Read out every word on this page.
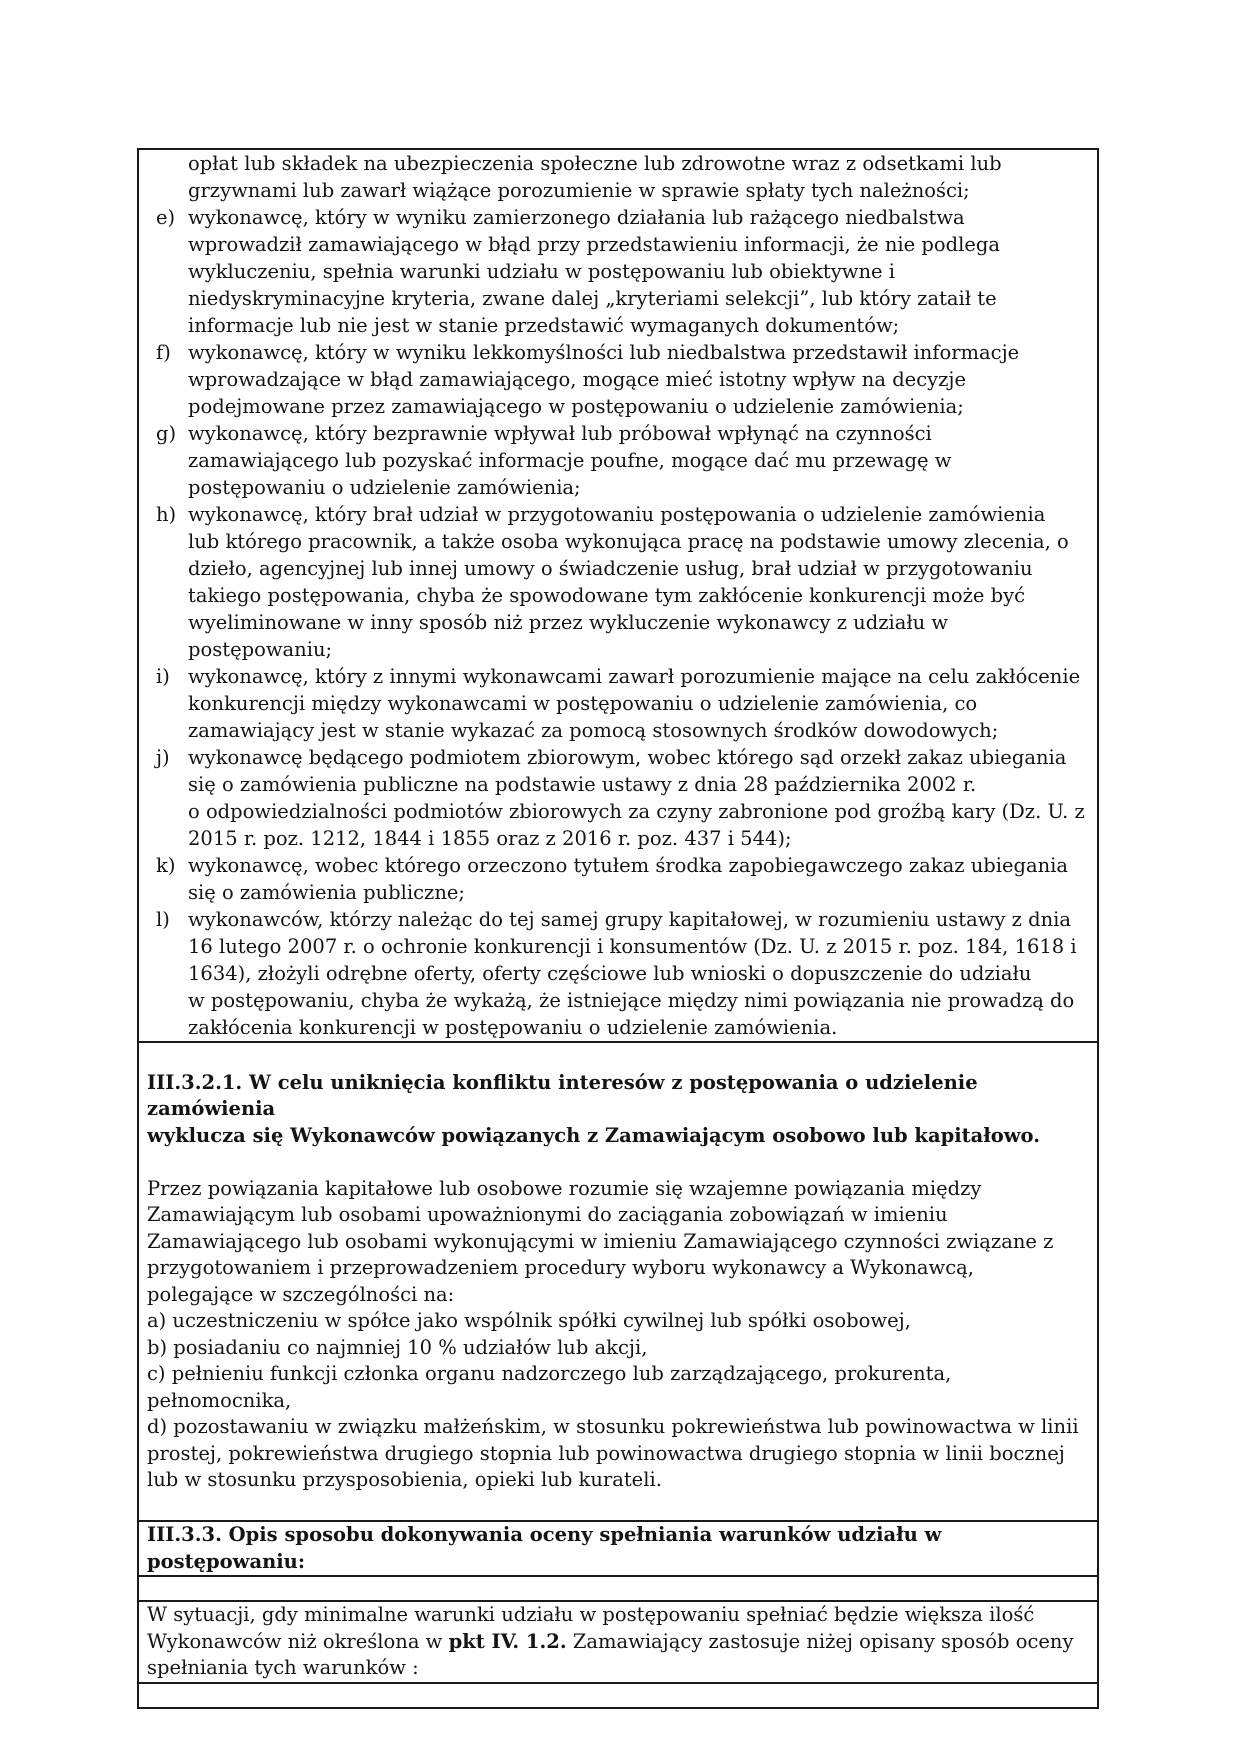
opłat lub składek na ubezpieczenia społeczne lub zdrowotne wraz z odsetkami lub
grzywnami lub zawarł wiążące porozumienie w sprawie spłaty tych należności;
e) wykonawcę, który w wyniku zamierzonego działania lub rażącego niedbalstwa
wprowadził zamawiającego w błąd przy przedstawieniu informacji, że nie podlega
wykluczeniu, spełnia warunki udziału w postępowaniu lub obiektywne i
niedyskryminacyjne kryteria, zwane dalej „kryteriami selekcji”, lub który zataił te
informacje lub nie jest w stanie przedstawić wymaganych dokumentów;
f) wykonawcę, który w wyniku lekkomyślności lub niedbalstwa przedstawił informacje
wprowadzające w błąd zamawiającego, mogące mieć istotny wpływ na decyzje
podejmowane przez zamawiającego w postępowaniu o udzielenie zamówienia;
g) wykonawcę, który bezprawnie wpływał lub próbował wpłynąć na czynności
zamawiającego lub pozyskać informacje poufne, mogące dać mu przewagę w
postępowaniu o udzielenie zamówienia;
h) wykonawcę, który brał udział w przygotowaniu postępowania o udzielenie zamówienia
lub którego pracownik, a także osoba wykonująca pracę na podstawie umowy zlecenia, o
dzieło, agencyjnej lub innej umowy o świadczenie usług, brał udział w przygotowaniu
takiego postępowania, chyba że spowodowane tym zakłócenie konkurencji może być
wyeliminowane w inny sposób niż przez wykluczenie wykonawcy z udziału w
postępowaniu;
i) wykonawcę, który z innymi wykonawcami zawarł porozumienie mające na celu zakłócenie
konkurencji między wykonawcami w postępowaniu o udzielenie zamówienia, co
zamawiający jest w stanie wykazać za pomocą stosownych środków dowodowych;
j) wykonawcę będącego podmiotem zbiorowym, wobec którego sąd orzekł zakaz ubiegania
się o zamówienia publiczne na podstawie ustawy z dnia 28 października 2002 r.
o odpowiedzialności podmiotów zbiorowych za czyny zabronione pod groźbą kary (Dz. U. z
2015 r. poz. 1212, 1844 i 1855 oraz z 2016 r. poz. 437 i 544);
k) wykonawcę, wobec którego orzeczono tytułem środka zapobiegawczego zakaz ubiegania
się o zamówienia publiczne;
l) wykonawców, którzy należąc do tej samej grupy kapitałowej, w rozumieniu ustawy z dnia
16 lutego 2007 r. o ochronie konkurencji i konsumentów (Dz. U. z 2015 r. poz. 184, 1618 i
1634), złożyli odrębne oferty, oferty częściowe lub wnioski o dopuszczenie do udziału
w postępowaniu, chyba że wykażą, że istniejące między nimi powiązania nie prowadzą do
zakłócenia konkurencji w postępowaniu o udzielenie zamówienia.

III.3.2.1. W celu uniknięcia konfliktu interesów z postępowania o udzielenie zamówienia
wyklucza się Wykonawców powiązanych z Zamawiającym osobowo lub kapitałowo.

Przez powiązania kapitałowe lub osobowe rozumie się wzajemne powiązania między
Zamawiającym lub osobami upoważnionymi do zaciągania zobowiązań w imieniu
Zamawiającego lub osobami wykonującymi w imieniu Zamawiającego czynności związane z
przygotowaniem i przeprowadzeniem procedury wyboru wykonawcy a Wykonawcą,
polegające w szczególności na:
a) uczestniczeniu w spółce jako wspólnik spółki cywilnej lub spółki osobowej,
b) posiadaniu co najmniej 10 % udziałów lub akcji,
c) pełnieniu funkcji członka organu nadzorczego lub zarządzającego, prokurenta,
pełnomocnika,
d) pozostawaniu w związku małżeńskim, w stosunku pokrewieństwa lub powinowactwa w linii
prostej, pokrewieństwa drugiego stopnia lub powinowactwa drugiego stopnia w linii bocznej
lub w stosunku przysposobienia, opieki lub kurateli.

III.3.3. Opis sposobu dokonywania oceny spełniania warunków udziału w
postępowaniu:

W sytuacji, gdy minimalne warunki udziału w postępowaniu spełniać będzie większa ilość
Wykonawców niż określona w pkt IV. 1.2. Zamawiający zastosuje niżej opisany sposób oceny
spełniania tych warunków :
